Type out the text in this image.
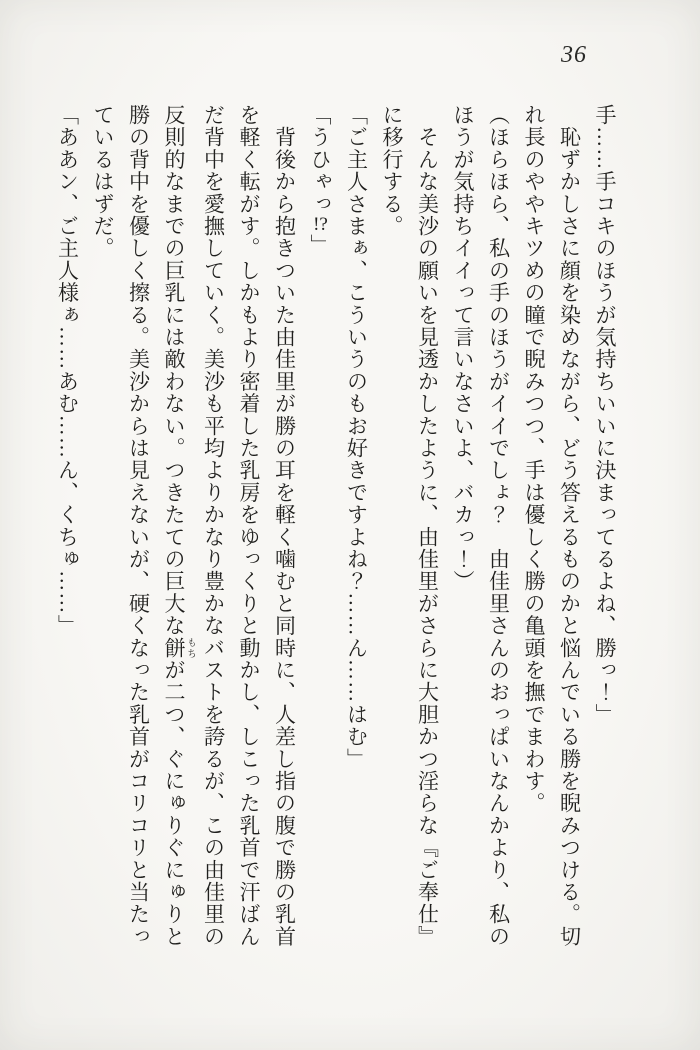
36

手……手コキのほうが気持ちいいに決まってるよね、勝っ！」

　恥ずかしさに顔を染めながら、どう答えるものかと悩んでいる勝を睨みつける。切

れ長のややキツめの瞳で睨みつつ、手は優しく勝の亀頭を撫でまわす。

（ほらほら、私の手のほうがイイでしょ？　由佳里さんのおっぱいなんかより、私の

ほうが気持ちイイって言いなさいよ、バカっ！）

　そんな美沙の願いを見透かしたように、由佳里がさらに大胆かつ淫らな『ご奉仕』

に移行する。

「ご主人さまぁ、こういうのもお好きですよね？……ん……はむ」

「うひゃっ!?」

　背後から抱きついた由佳里が勝の耳を軽く噛むと同時に、人差し指の腹で勝の乳首

を軽く転がす。しかもより密着した乳房をゆっくりと動かし、しこった乳首で汗ばん

だ背中を愛撫していく。美沙も平均よりかなり豊かなバストを誇るが、この由佳里の

反則的なまでの巨乳には敵わない。つきたての巨大な餅 もちが二つ、ぐにゅりぐにゅりと

勝の背中を優しく擦る。美沙からは見えないが、硬くなった乳首がコリコリと当たっ

ているはずだ。

「ああン、ご主人様ぁ……あむ……ん、くちゅ……」
